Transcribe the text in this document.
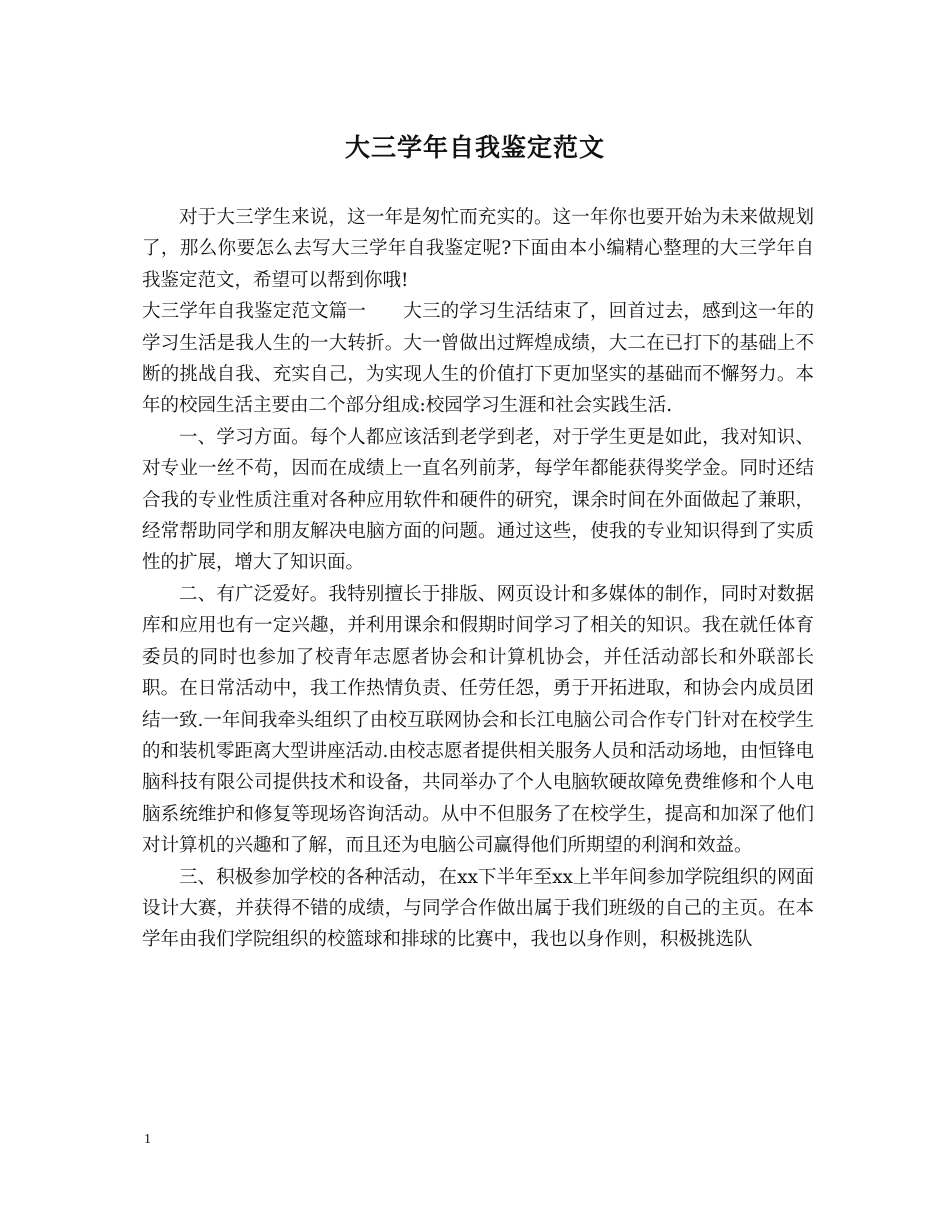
大三学年自我鉴定范文

对于大三学生来说，这一年是匆忙而充实的。这一年你也要开始为未来做规划了，那么你要怎么去写大三学年自我鉴定呢?下面由本小编精心整理的大三学年自我鉴定范文，希望可以帮到你哦!

大三学年自我鉴定范文篇一 大三的学习生活结束了，回首过去，感到这一年的学习生活是我人生的一大转折。大一曾做出过辉煌成绩，大二在已打下的基础上不断的挑战自我、充实自己，为实现人生的价值打下更加坚实的基础而不懈努力。本年的校园生活主要由二个部分组成:校园学习生涯和社会实践生活.

一、学习方面。每个人都应该活到老学到老，对于学生更是如此，我对知识、对专业一丝不苟，因而在成绩上一直名列前茅，每学年都能获得奖学金。同时还结合我的专业性质注重对各种应用软件和硬件的研究，课余时间在外面做起了兼职，经常帮助同学和朋友解决电脑方面的问题。通过这些，使我的专业知识得到了实质性的扩展，增大了知识面。

二、有广泛爱好。我特别擅长于排版、网页设计和多媒体的制作，同时对数据库和应用也有一定兴趣，并利用课余和假期时间学习了相关的知识。我在就任体育委员的同时也参加了校青年志愿者协会和计算机协会，并任活动部长和外联部长职。在日常活动中，我工作热情负责、任劳任怨，勇于开拓进取，和协会内成员团结一致.一年间我牵头组织了由校互联网协会和长江电脑公司合作专门针对在校学生的和装机零距离大型讲座活动.由校志愿者提供相关服务人员和活动场地，由恒锋电脑科技有限公司提供技术和设备，共同举办了个人电脑软硬故障免费维修和个人电脑系统维护和修复等现场咨询活动。从中不但服务了在校学生，提高和加深了他们对计算机的兴趣和了解，而且还为电脑公司赢得他们所期望的利润和效益。

三、积极参加学校的各种活动，在xx下半年至xx上半年间参加学院组织的网面设计大赛，并获得不错的成绩，与同学合作做出属于我们班级的自己的主页。在本学年由我们学院组织的校篮球和排球的比赛中，我也以身作则，积极挑选队

1
